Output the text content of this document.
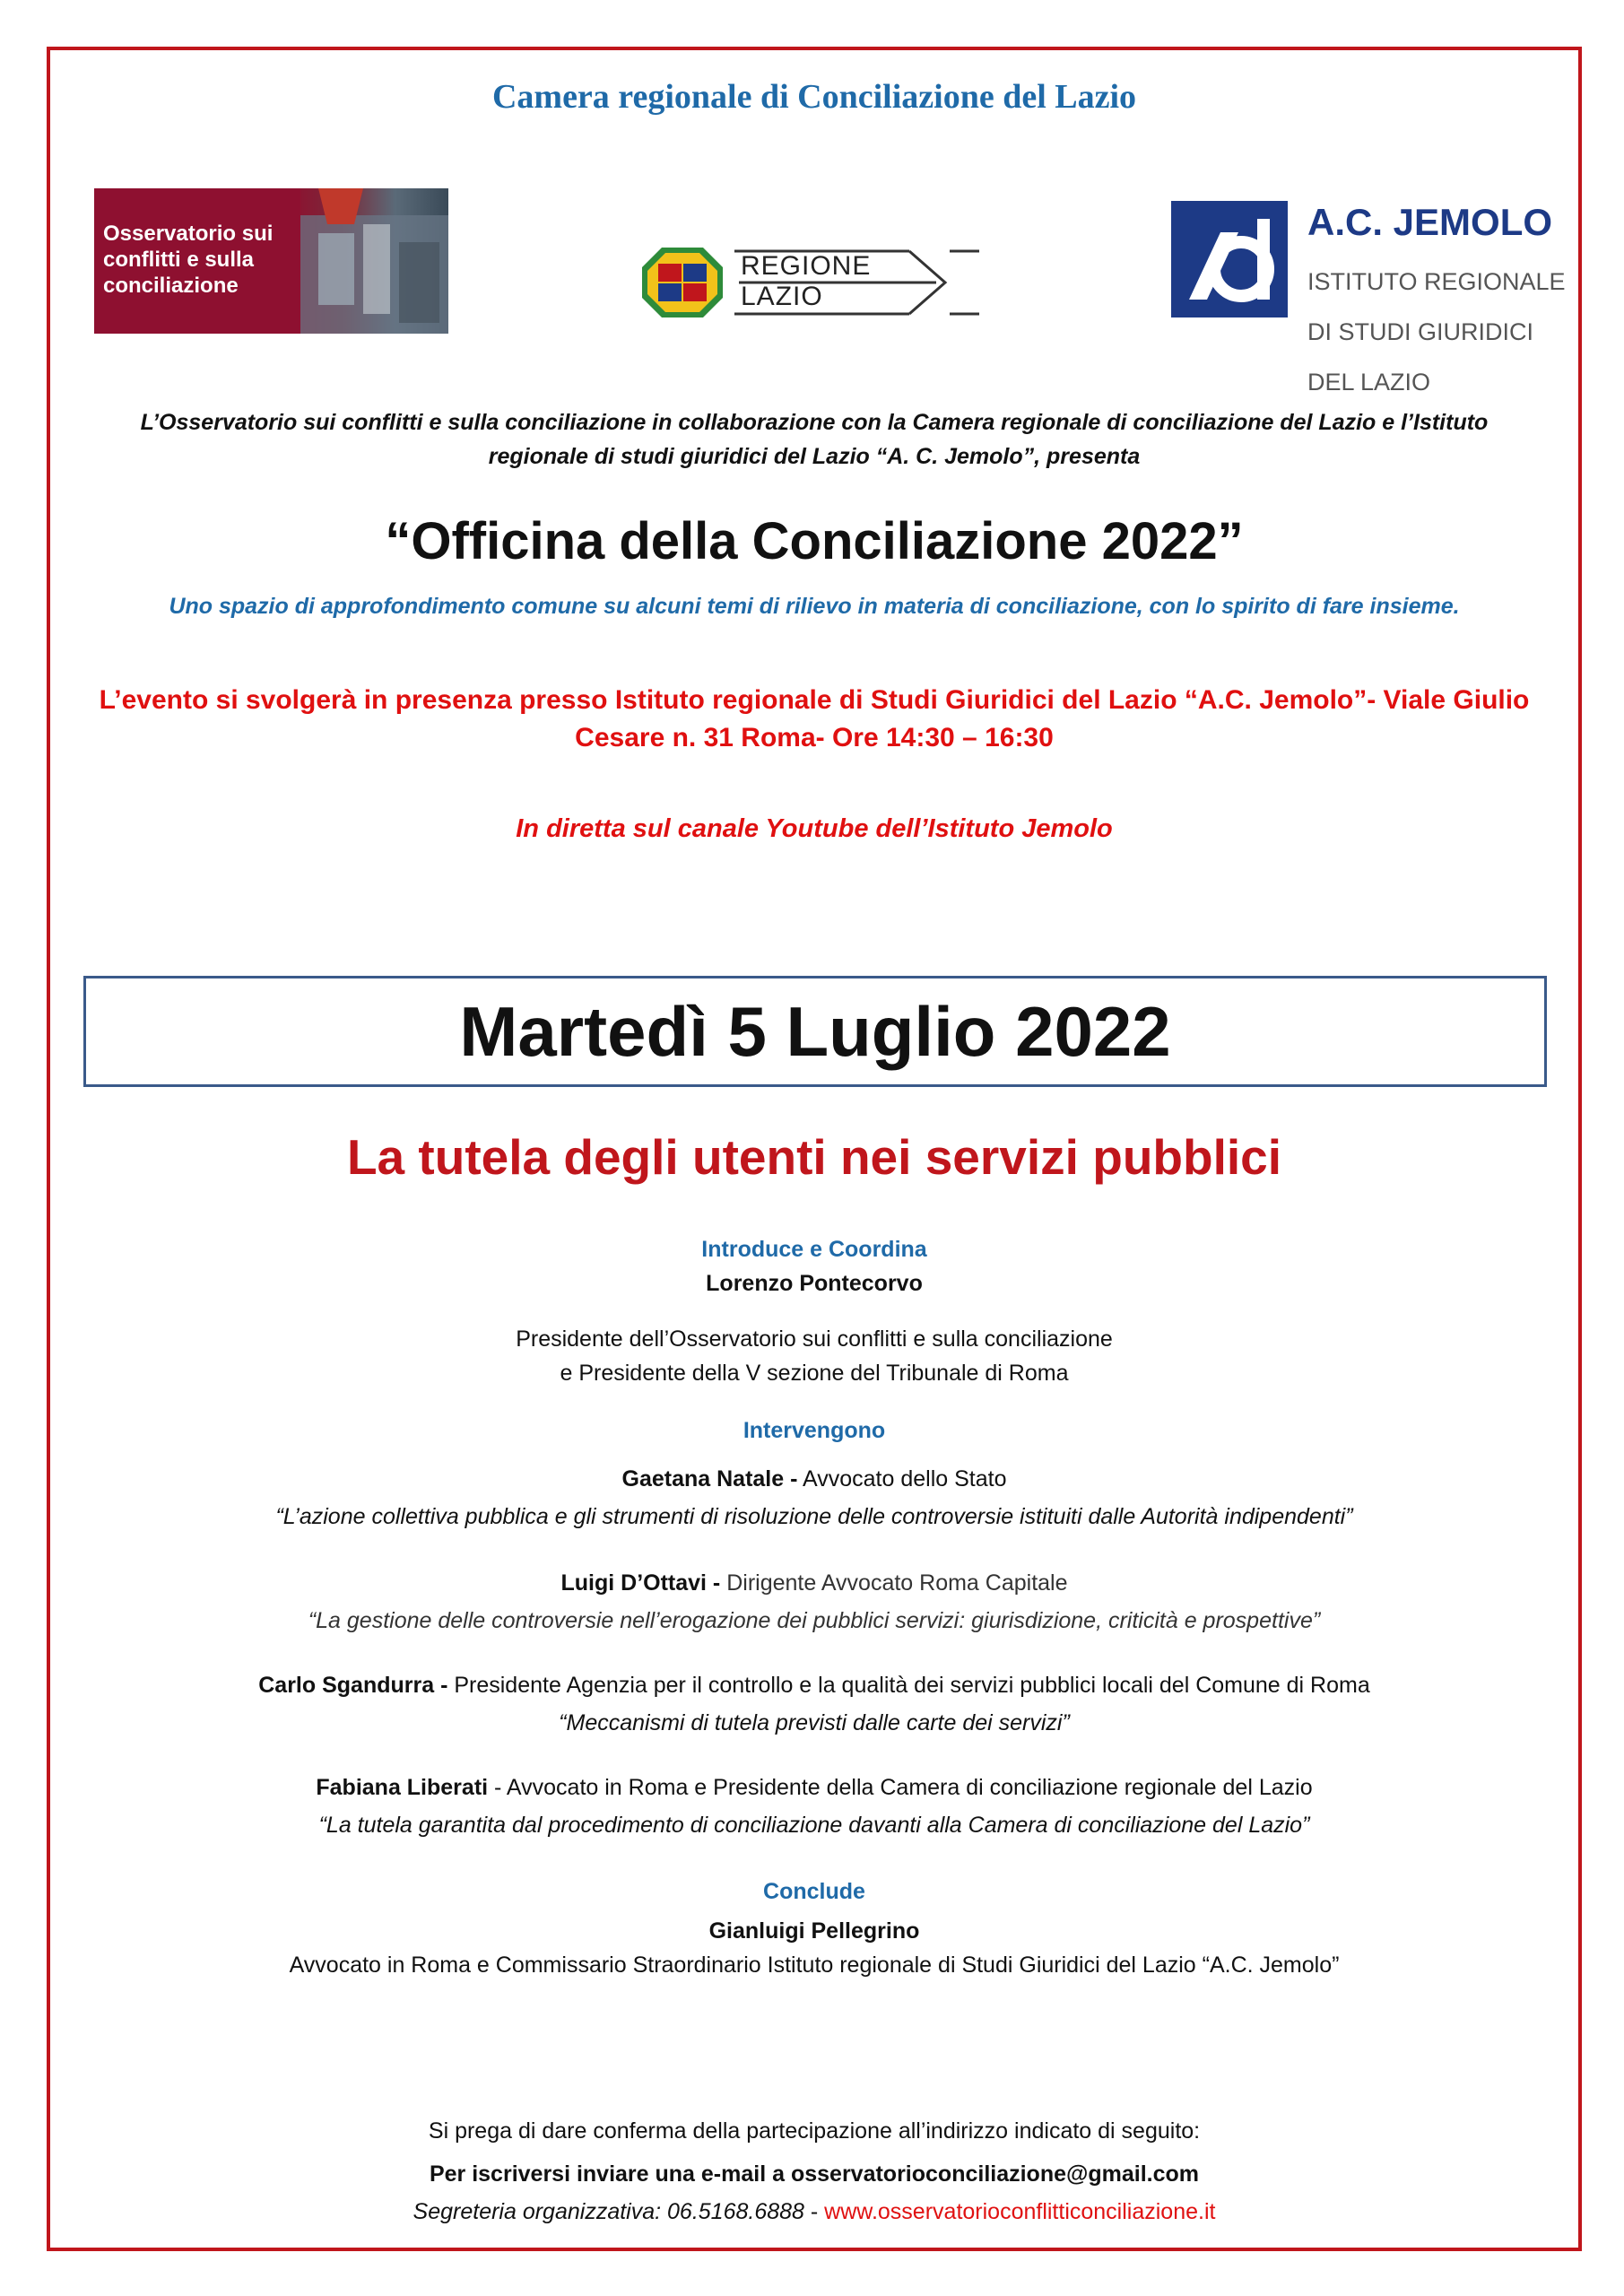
Camera regionale di Conciliazione del Lazio
Osservatorio sui
conflitti e sulla
conciliazione
REGIONE
LAZIO
A.C. JEMOLO

ISTITUTO REGIONALE

DI STUDI GIURIDICI

DEL LAZIO

L’Osservatorio sui conflitti e sulla conciliazione in collaborazione con la Camera regionale di conciliazione del Lazio e l’Istituto
regionale di studi giuridici del Lazio “A. C. Jemolo”, presenta
“Officina della Conciliazione 2022”
Uno spazio di approfondimento comune su alcuni temi di rilievo in materia di conciliazione, con lo spirito di fare insieme.
L’evento si svolgerà in presenza presso Istituto regionale di Studi Giuridici del Lazio “A.C. Jemolo”- Viale Giulio
Cesare n. 31 Roma- Ore 14:30 – 16:30
In diretta sul canale Youtube dell’Istituto Jemolo
Martedì 5 Luglio 2022
La tutela degli utenti nei servizi pubblici
Introduce e Coordina
Lorenzo Pontecorvo
Presidente dell’Osservatorio sui conflitti e sulla conciliazione
e Presidente della V sezione del Tribunale di Roma
Intervengono
Gaetana Natale - Avvocato dello Stato
“L’azione collettiva pubblica e gli strumenti di risoluzione delle controversie istituiti dalle Autorità indipendenti”
Luigi D’Ottavi - Dirigente Avvocato Roma Capitale
“La gestione delle controversie nell’erogazione dei pubblici servizi: giurisdizione, criticità e prospettive”
Carlo Sgandurra - Presidente Agenzia per il controllo e la qualità dei servizi pubblici locali del Comune di Roma
“Meccanismi di tutela previsti dalle carte dei servizi”
Fabiana Liberati - Avvocato in Roma e Presidente della Camera di conciliazione regionale del Lazio
“La tutela garantita dal procedimento di conciliazione davanti alla Camera di conciliazione del Lazio”
Conclude
Gianluigi Pellegrino
Avvocato in Roma e Commissario Straordinario Istituto regionale di Studi Giuridici del Lazio “A.C. Jemolo”
Si prega di dare conferma della partecipazione all’indirizzo indicato di seguito:
Per iscriversi inviare una e-mail a osservatorioconciliazione@gmail.com
Segreteria organizzativa: 06.5168.6888 - www.osservatorioconflitticonciliazione.it
